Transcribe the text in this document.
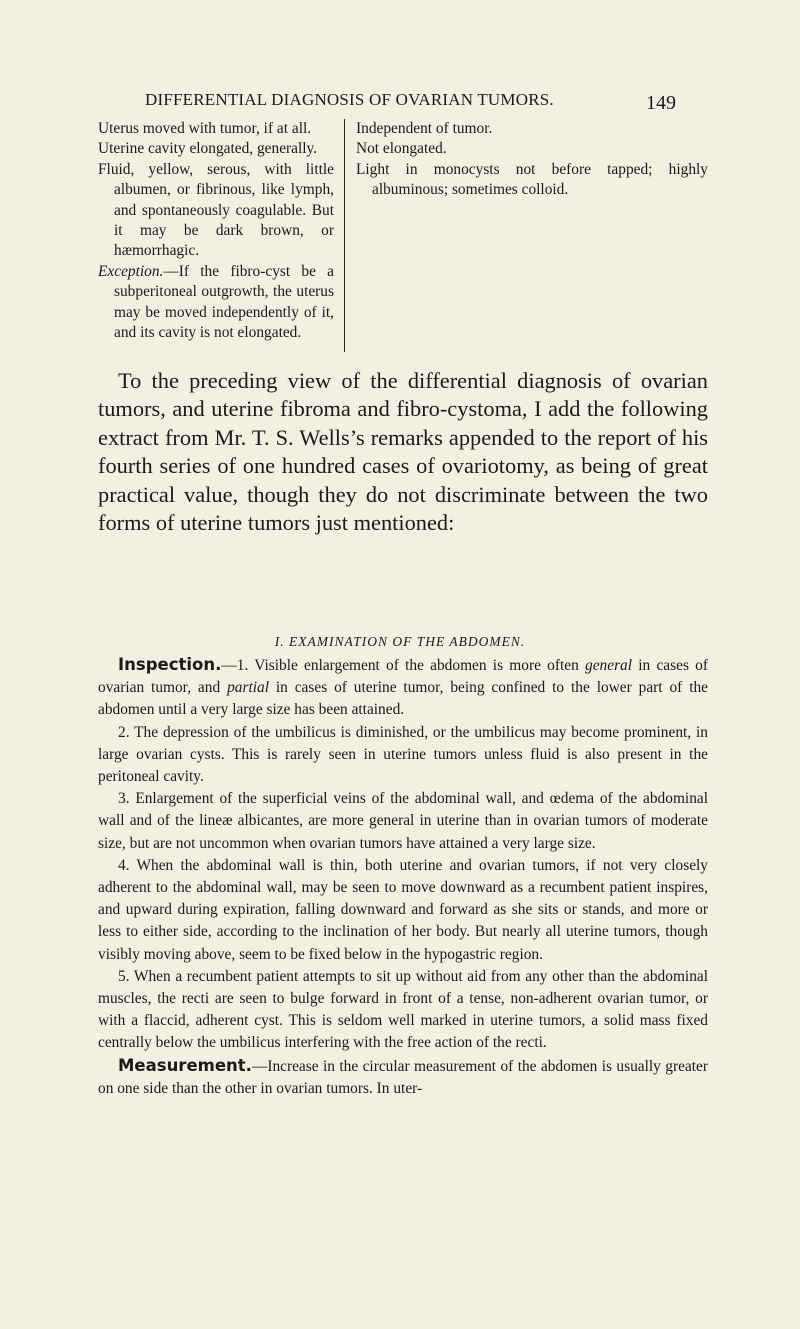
DIFFERENTIAL DIAGNOSIS OF OVARIAN TUMORS.	149

Uterus moved with tumor, if at all.

Uterine cavity elongated, generally.

Fluid, yellow, serous, with little albumen, or fibrinous, like lymph, and spontaneously coagulable. But it may be dark brown, or hæmorrhagic.

Exception.—If the fibro-cyst be a subperitoneal outgrowth, the uterus may be moved independently of it, and its cavity is not elongated.

Independent of tumor.

Not elongated.

Light in monocysts not before tapped; highly albuminous; sometimes colloid.

To the preceding view of the differential diagnosis of ovarian tumors, and uterine fibroma and fibro-cystoma, I add the following extract from Mr. T. S. Wells’s remarks appended to the report of his fourth series of one hundred cases of ovariotomy, as being of great practical value, though they do not discriminate between the two forms of uterine tumors just mentioned:

I. EXAMINATION OF THE ABDOMEN.

Inspection.—1. Visible enlargement of the abdomen is more often general in cases of ovarian tumor, and partial in cases of uterine tumor, being confined to the lower part of the abdomen until a very large size has been attained.

2. The depression of the umbilicus is diminished, or the umbilicus may become prominent, in large ovarian cysts. This is rarely seen in uterine tumors unless fluid is also present in the peritoneal cavity.

3. Enlargement of the superficial veins of the abdominal wall, and œdema of the abdominal wall and of the lineæ albicantes, are more general in uterine than in ovarian tumors of moderate size, but are not uncommon when ovarian tumors have attained a very large size.

4. When the abdominal wall is thin, both uterine and ovarian tumors, if not very closely adherent to the abdominal wall, may be seen to move downward as a recumbent patient inspires, and upward during expiration, falling downward and forward as she sits or stands, and more or less to either side, according to the inclination of her body. But nearly all uterine tumors, though visibly moving above, seem to be fixed below in the hypogastric region.

5. When a recumbent patient attempts to sit up without aid from any other than the abdominal muscles, the recti are seen to bulge forward in front of a tense, non-adherent ovarian tumor, or with a flaccid, adherent cyst. This is seldom well marked in uterine tumors, a solid mass fixed centrally below the umbilicus interfering with the free action of the recti.

Measurement.—Increase in the circular measurement of the abdomen is usually greater on one side than the other in ovarian tumors. In uter-
